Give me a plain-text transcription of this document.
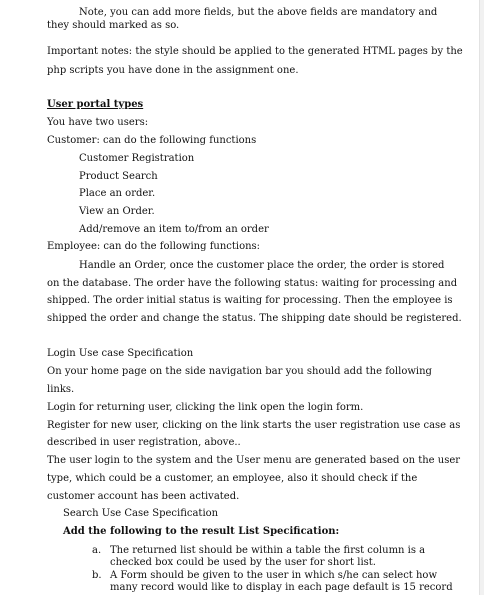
Note, you can add more fields, but the above fields are mandatory and
they should marked as so.
Important notes: the style should be applied to the generated HTML pages by the
php scripts you have done in the assignment one.
User portal types
You have two users:
Customer: can do the following functions
Customer Registration
Product Search
Place an order.
View an Order.
Add/remove an item to/from an order
Employee: can do the following functions:
Handle an Order, once the customer place the order, the order is stored
on the database. The order have the following status: waiting for processing and
shipped. The order initial status is waiting for processing. Then the employee is
shipped the order and change the status. The shipping date should be registered.
Login Use case Specification
On your home page on the side navigation bar you should add the following
links.
Login for returning user, clicking the link open the login form.
Register for new user, clicking on the link starts the user registration use case as
described in user registration, above..
The user login to the system and the User menu are generated based on the user
type, which could be a customer, an employee, also it should check if the
customer account has been activated.
Search Use Case Specification
Add the following to the result List Specification:
a. The returned list should be within a table the first column is a
checked box could be used by the user for short list.
b. A Form should be given to the user in which s/he can select how
many record would like to display in each page default is 15 record
